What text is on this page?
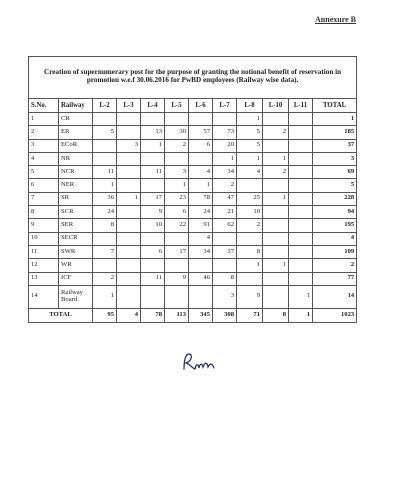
Annexure B
Creation of supernumerary post for the purpose of granting the notional benefit of reservation in promotion w.e.f 30.06.2016 for PwBD employees (Railway wise data).											
S.No.	Railway	L-2	L-3	L-4	L-5	L-6	L-7	L-8	L-10	L-11	TOTAL
1	CR							1			1
2	ER	5		13	30	57	73	5	2		185
3	ECoR		3	1	2	6	20	5			37
4	NR						1	1	1		3
5	NCR	11		11	3	4	34	4	2		69
6	NER	1			1	1	2				5
7	SR	36	1	17	23	78	47	25	1		228
8	SCR	24		9	6	24	21	10			94
9	SER	8		10	22	91	62	2			195
10	SECR					4					4
11	SWR	7		6	17	34	37	8			109
12	WR							1	1		2
13	ICF	2		11	9	46	8				77
14	Railway Board	1					3	9		1	14
TOTAL		95	4	78	113	345	308	71	8	1	1023
